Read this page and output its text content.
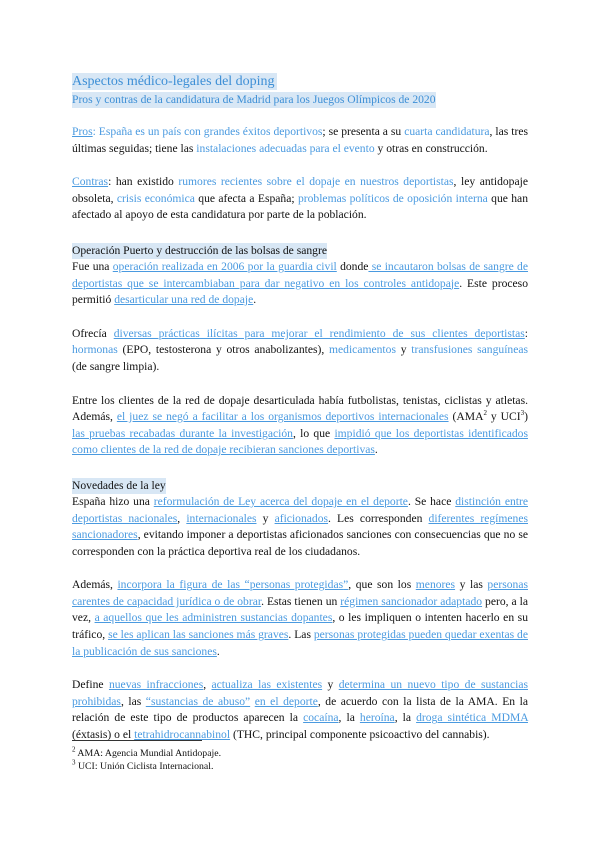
Aspectos médico-legales del doping
Pros y contras de la candidatura de Madrid para los Juegos Olímpicos de 2020

Pros: España es un país con grandes éxitos deportivos; se presenta a su cuarta candidatura, las tres últimas seguidas; tiene las instalaciones adecuadas para el evento y otras en construcción.

Contras: han existido rumores recientes sobre el dopaje en nuestros deportistas, ley antidopaje obsoleta, crisis económica que afecta a España; problemas políticos de oposición interna que han afectado al apoyo de esta candidatura por parte de la población.

Operación Puerto y destrucción de las bolsas de sangre

Fue una operación realizada en 2006 por la guardia civil donde se incautaron bolsas de sangre de deportistas que se intercambiaban para dar negativo en los controles antidopaje. Este proceso permitió desarticular una red de dopaje.

Ofrecía diversas prácticas ilícitas para mejorar el rendimiento de sus clientes deportistas: hormonas (EPO, testosterona y otros anabolizantes), medicamentos y transfusiones sanguíneas (de sangre limpia).

Entre los clientes de la red de dopaje desarticulada había futbolistas, tenistas, ciclistas y atletas. Además, el juez se negó a facilitar a los organismos deportivos internacionales (AMA$^2$ y UCI$^3$) las pruebas recabadas durante la investigación, lo que impidió que los deportistas identificados como clientes de la red de dopaje recibieran sanciones deportivas.

Novedades de la ley

España hizo una reformulación de Ley acerca del dopaje en el deporte. Se hace distinción entre deportistas nacionales, internacionales y aficionados. Les corresponden diferentes regímenes sancionadores, evitando imponer a deportistas aficionados sanciones con consecuencias que no se corresponden con la práctica deportiva real de los ciudadanos.

Además, incorpora la figura de las “personas protegidas”, que son los menores y las personas carentes de capacidad jurídica o de obrar. Estas tienen un régimen sancionador adaptado pero, a la vez, a aquellos que les administren sustancias dopantes, o les impliquen o intenten hacerlo en su tráfico, se les aplican las sanciones más graves. Las personas protegidas pueden quedar exentas de la publicación de sus sanciones.

Define nuevas infracciones, actualiza las existentes y determina un nuevo tipo de sustancias prohibidas, las “sustancias de abuso” en el deporte, de acuerdo con la lista de la AMA. En la relación de este tipo de productos aparecen la cocaína, la heroína, la droga sintética MDMA (éxtasis) o el tetrahidrocannabinol (THC, principal componente psicoactivo del cannabis).

$^2$ AMA: Agencia Mundial Antidopaje.
$^3$ UCI: Unión Ciclista Internacional.
